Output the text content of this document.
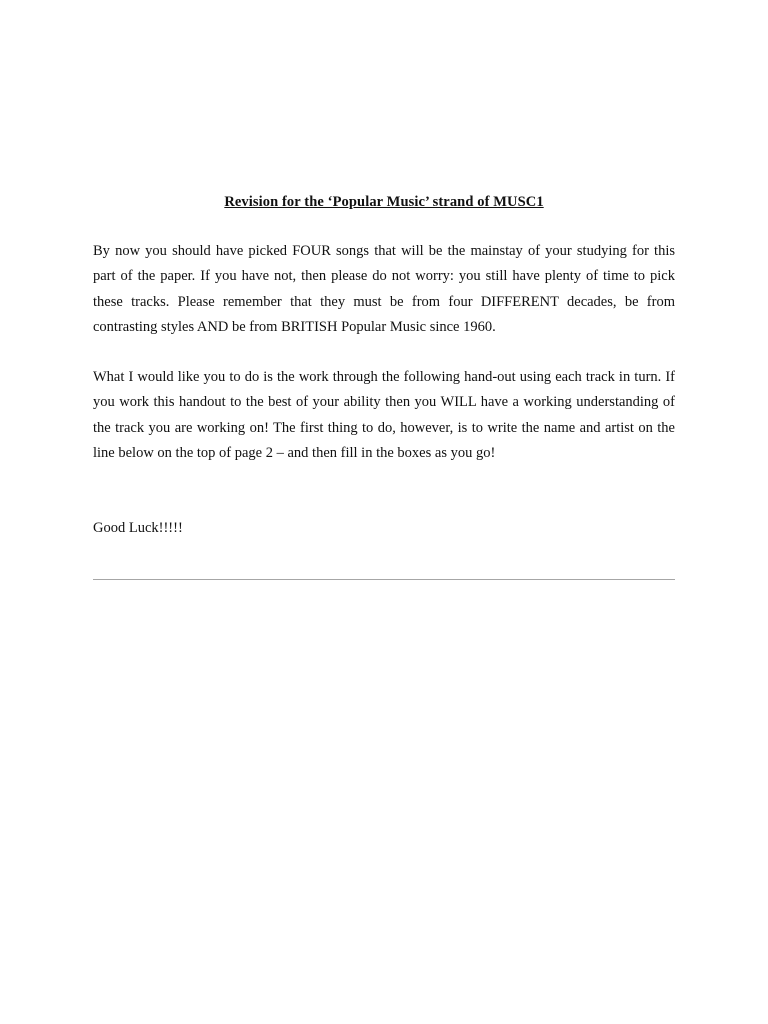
Revision for the ‘Popular Music’ strand of MUSC1

By now you should have picked FOUR songs that will be the mainstay of your studying for this part of the paper. If you have not, then please do not worry: you still have plenty of time to pick these tracks. Please remember that they must be from four DIFFERENT decades, be from contrasting styles AND be from BRITISH Popular Music since 1960.

What I would like you to do is the work through the following hand-out using each track in turn. If you work this handout to the best of your ability then you WILL have a working understanding of the track you are working on! The first thing to do, however, is to write the name and artist on the line below on the top of page 2 – and then fill in the boxes as you go!

Good Luck!!!!!
